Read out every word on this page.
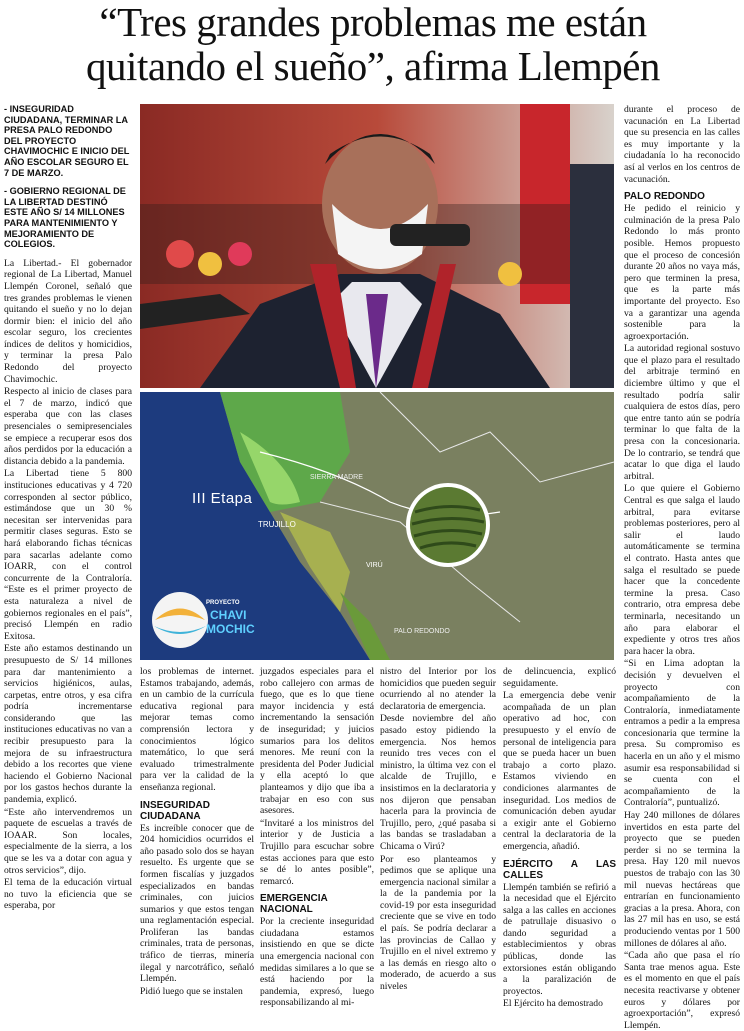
“Tres grandes problemas me están
quitando el sueño”, afirma Llempén
- INSEGURIDAD CIUDADANA, TERMINAR LA PRESA PALO REDONDO DEL PROYECTO CHAVIMOCHIC E INICIO DEL AÑO ESCOLAR SEGURO EL 7 DE MARZO.
- GOBIERNO REGIONAL DE LA LIBERTAD DESTINÓ ESTE AÑO S/ 14 MILLONES PARA MANTENIMIENTO Y MEJORAMIENTO DE COLEGIOS.

La Libertad.- El gobernador regional de La Libertad, Manuel Llempén Coronel, señaló que tres grandes problemas le vienen quitando el sueño y no lo dejan dormir bien: el inicio del año escolar seguro, los crecientes índices de delitos y homicidios, y terminar la presa Palo Redondo del proyecto Chavimochic.

Respecto al inicio de clases para el 7 de marzo, indicó que esperaba que con las clases presenciales o semipresenciales se empiece a recuperar esos dos años perdidos por la educación a distancia debido a la pandemia.

La Libertad tiene 5 800 instituciones educativas y 4 720 corresponden al sector público, estimándose que un 30 % necesitan ser intervenidas para permitir clases seguras. Esto se hará elaborando fichas técnicas para sacarlas adelante como IOARR, con el control concurrente de la Contraloría. “Este es el primer proyecto de esta naturaleza a nivel de gobiernos regionales en el país”, precisó Llempén en radio Exitosa.

Este año estamos destinando un presupuesto de S/ 14 millones para dar mantenimiento a servicios higiénicos, aulas, carpetas, entre otros, y esa cifra podría incrementarse considerando que las instituciones educativas no van a recibir presupuesto para la mejora de su infraestructura debido a los recortes que viene haciendo el Gobierno Nacional por los gastos hechos durante la pandemia, explicó.

“Este año intervendremos un paquete de escuelas a través de IOAAR. Son locales, especialmente de la sierra, a los que se les va a dotar con agua y otros servicios”, dijo.

El tema de la educación virtual no tuvo la eficiencia que se esperaba, por

III Etapa
SIERRA MADRE
TRUJILLO
VIRÚ
PALO REDONDO
PROYECTO
CHAVI
MOCHIC

los problemas de internet. Estamos trabajando, además, en un cambio de la currícula educativa regional para mejorar temas como comprensión lectora y conocimientos lógico matemático, lo que será evaluado trimestralmente para ver la calidad de la enseñanza regional.

INSEGURIDAD CIUDADANA

Es increíble conocer que de 204 homicidios ocurridos el año pasado solo dos se hayan resuelto. Es urgente que se formen fiscalías y juzgados especializados en bandas criminales, con juicios sumarios y que estos tengan una reglamentación especial. Proliferan las bandas criminales, trata de personas, tráfico de tierras, minería ilegal y narcotráfico, señaló Llempén.

Pidió luego que se instalen

juzgados especiales para el robo callejero con armas de fuego, que es lo que tiene mayor incidencia y está incrementando la sensación de inseguridad; y juicios sumarios para los delitos menores. Me reuní con la presidenta del Poder Judicial y ella aceptó lo que planteamos y dijo que iba a trabajar en eso con sus asesores.

“Invitaré a los ministros del interior y de Justicia a Trujillo para escuchar sobre estas acciones para que esto se dé lo antes posible”, remarcó.

EMERGENCIA NACIONAL

Por la creciente inseguridad ciudadana estamos insistiendo en que se dicte una emergencia nacional con medidas similares a lo que se está haciendo por la pandemia, expresó, luego responsabilizando al mi-

nistro del Interior por los homicidios que pueden seguir ocurriendo al no atender la declaratoria de emergencia.

Desde noviembre del año pasado estoy pidiendo la emergencia. Nos hemos reunido tres veces con el ministro, la última vez con el alcalde de Trujillo, e insistimos en la declaratoria y nos dijeron que pensaban hacerla para la provincia de Trujillo, pero, ¿qué pasaba si las bandas se trasladaban a Chicama o Virú?

Por eso planteamos y pedimos que se aplique una emergencia nacional similar a la de la pandemia por la covid-19 por esta inseguridad creciente que se vive en todo el país. Se podría declarar a las provincias de Callao y Trujillo en el nivel extremo y a las demás en riesgo alto o moderado, de acuerdo a sus niveles

de delincuencia, explicó seguidamente.

La emergencia debe venir acompañada de un plan operativo ad hoc, con presupuesto y el envío de personal de inteligencia para que se pueda hacer un buen trabajo a corto plazo. Estamos viviendo en condiciones alarmantes de inseguridad. Los medios de comunicación deben ayudar a exigir ante el Gobierno central la declaratoria de la emergencia, añadió.

EJÉRCITO A LAS CALLES

Llempén también se refirió a la necesidad que el Ejército salga a las calles en acciones de patrullaje disuasivo o dando seguridad a establecimientos y obras públicas, donde las extorsiones están obligando a la paralización de proyectos.

El Ejército ha demostrado

durante el proceso de vacunación en La Libertad que su presencia en las calles es muy importante y la ciudadanía lo ha reconocido así al verlos en los centros de vacunación.

PALO REDONDO

He pedido el reinicio y culminación de la presa Palo Redondo lo más pronto posible. Hemos propuesto que el proceso de concesión durante 20 años no vaya más, pero que terminen la presa, que es la parte más importante del proyecto. Eso va a garantizar una agenda sostenible para la agroexportación.

La autoridad regional sostuvo que el plazo para el resultado del arbitraje terminó en diciembre último y que el resultado podría salir cualquiera de estos días, pero que entre tanto aún se podría terminar lo que falta de la presa con la concesionaria. De lo contrario, se tendrá que acatar lo que diga el laudo arbitral.

Lo que quiere el Gobierno Central es que salga el laudo arbitral, para evitarse problemas posteriores, pero al salir el laudo automáticamente se termina el contrato. Hasta antes que salga el resultado se puede hacer que la concedente termine la presa. Caso contrario, otra empresa debe terminarla, necesitando un año para elaborar el expediente y otros tres años para hacer la obra.

“Si en Lima adoptan la decisión y devuelven el proyecto con acompañamiento de la Contraloría, inmediatamente entramos a pedir a la empresa concesionaria que termine la presa. Su compromiso es hacerla en un año y el mismo asumir esa responsabilidad si se cuenta con el acompañamiento de la Contraloría”, puntualizó.

Hay 240 millones de dólares invertidos en esta parte del proyecto que se pueden perder si no se termina la presa. Hay 120 mil nuevos puestos de trabajo con las 30 mil nuevas hectáreas que entrarían en funcionamiento gracias a la presa. Ahora, con las 27 mil has en uso, se está produciendo ventas por 1 500 millones de dólares al año.

“Cada año que pasa el río Santa trae menos agua. Este es el momento en que el país necesita reactivarse y obtener euros y dólares por agroexportación”, expresó Llempén.
